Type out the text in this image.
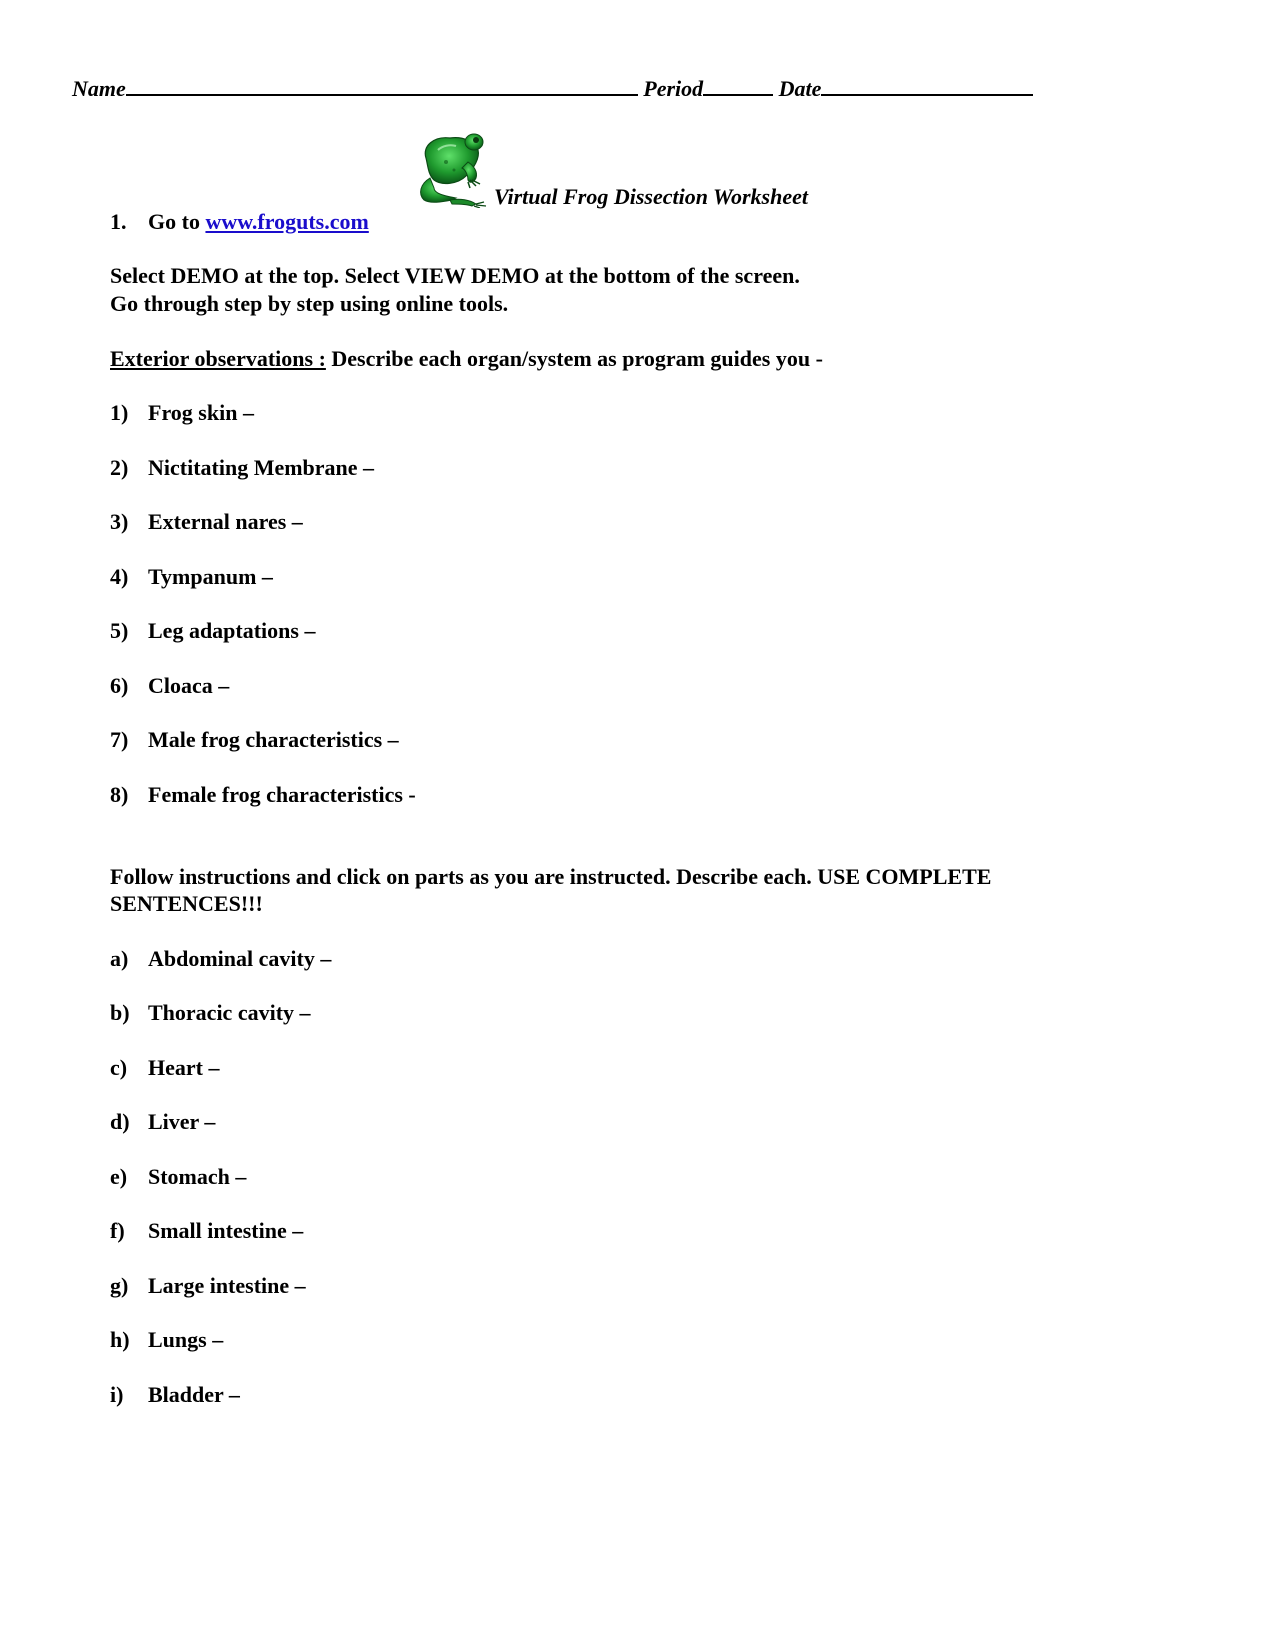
Name	Period	Date
Virtual Frog Dissection Worksheet
1. Go to www.froguts.com
Select DEMO at the top. Select VIEW DEMO at the bottom of the screen.
Go through step by step using online tools.
Exterior observations : Describe each organ/system as program guides you -
1) Frog skin –
2) Nictitating Membrane –
3) External nares –
4) Tympanum –
5) Leg adaptations –
6) Cloaca –
7) Male frog characteristics –
8) Female frog characteristics -
Follow instructions and click on parts as you are instructed. Describe each. USE COMPLETE
SENTENCES!!!
a) Abdominal cavity –
b) Thoracic cavity –
c) Heart –
d) Liver –
e) Stomach –
f) Small intestine –
g) Large intestine –
h) Lungs –
i) Bladder –
